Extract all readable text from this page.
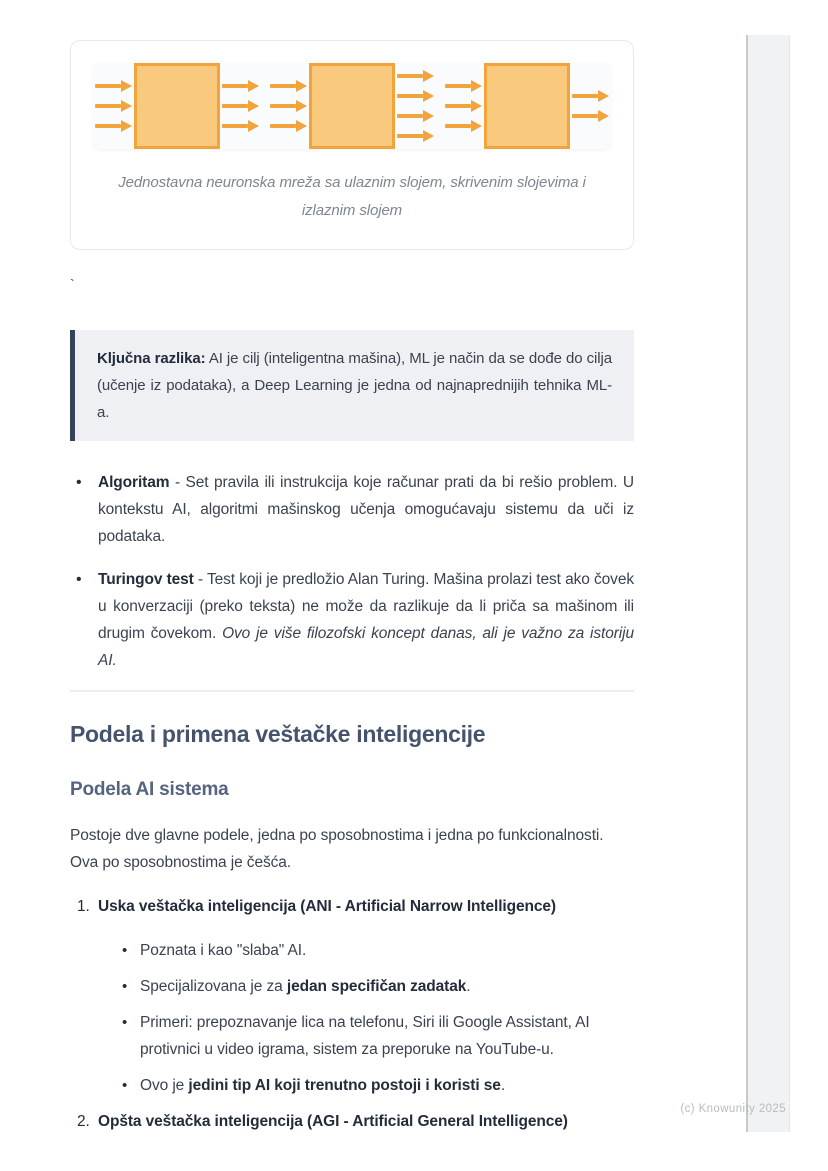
Jednostavna neuronska mreža sa ulaznim slojem, skrivenim slojevima i izlaznim slojem
`
Ključna razlika: AI je cilj (inteligentna mašina), ML je način da se dođe do cilja (učenje iz podataka), a Deep Learning je jedna od najnaprednijih tehnika ML-a.
• Algoritam - Set pravila ili instrukcija koje računar prati da bi rešio problem. U kontekstu AI, algoritmi mašinskog učenja omogućavaju sistemu da uči iz podataka.
• Turingov test - Test koji je predložio Alan Turing. Mašina prolazi test ako čovek u konverzaciji (preko teksta) ne može da razlikuje da li priča sa mašinom ili drugim čovekom. Ovo je više filozofski koncept danas, ali je važno za istoriju AI.
Podela i primena veštačke inteligencije
Podela AI sistema
Postoje dve glavne podele, jedna po sposobnostima i jedna po funkcionalnosti. Ova po sposobnostima je češća.
1. Uska veštačka inteligencija (ANI - Artificial Narrow Intelligence)
• Poznata i kao "slaba" AI.
• Specijalizovana je za jedan specifičan zadatak.
• Primeri: prepoznavanje lica na telefonu, Siri ili Google Assistant, AI protivnici u video igrama, sistem za preporuke na YouTube-u.
• Ovo je jedini tip AI koji trenutno postoji i koristi se.
2. Opšta veštačka inteligencija (AGI - Artificial General Intelligence)
(c) Knowunity 2025
